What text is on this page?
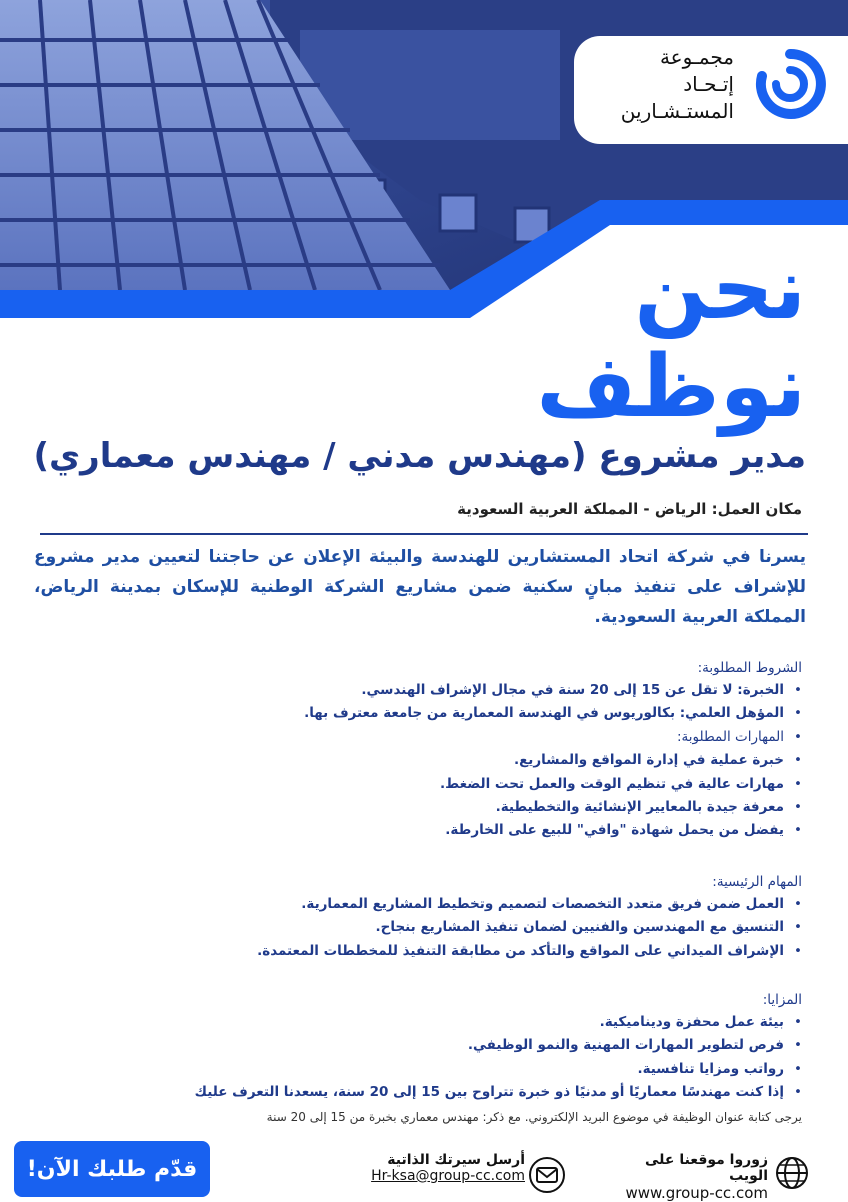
مجمـوعة
إتـحـاد
المستـشـارين
نحن
نوظف
مدير مشروع (مهندس مدني / مهندس معماري)
مكان العمل: الرياض - المملكة العربية السعودية
يسرنا في شركة اتحاد المستشارين للهندسة والبيئة الإعلان عن حاجتنا لتعيين مدير مشروع للإشراف على تنفيذ مبانٍ سكنية ضمن مشاريع الشركة الوطنية للإسكان بمدينة الرياض، المملكة العربية السعودية.
الشروط المطلوبة:
• الخبرة: لا تقل عن 15 إلى 20 سنة في مجال الإشراف الهندسي.
• المؤهل العلمي: بكالوريوس في الهندسة المعمارية من جامعة معترف بها.
• المهارات المطلوبة:
• خبرة عملية في إدارة المواقع والمشاريع.
• مهارات عالية في تنظيم الوقت والعمل تحت الضغط.
• معرفة جيدة بالمعايير الإنشائية والتخطيطية.
• يفضل من يحمل شهادة "وافي" للبيع على الخارطة.
المهام الرئيسية:
• العمل ضمن فريق متعدد التخصصات لتصميم وتخطيط المشاريع المعمارية.
• التنسيق مع المهندسين والفنيين لضمان تنفيذ المشاريع بنجاح.
• الإشراف الميداني على المواقع والتأكد من مطابقة التنفيذ للمخططات المعتمدة.
المزايا:
• بيئة عمل محفزة وديناميكية.
• فرص لتطوير المهارات المهنية والنمو الوظيفي.
• رواتب ومزايا تنافسية.
• إذا كنت مهندسًا معماريًا أو مدنيًا ذو خبرة تتراوح بين 15 إلى 20 سنة، يسعدنا التعرف عليك
يرجى كتابة عنوان الوظيفة في موضوع البريد الإلكتروني. مع ذكر: مهندس معماري بخبرة من 15 إلى 20 سنة
قدّم طلبك الآن!	أرسل سيرتك الذاتية
Hr-ksa@group-cc.com
زوروا موقعنا على الويب
www.group-cc.com
